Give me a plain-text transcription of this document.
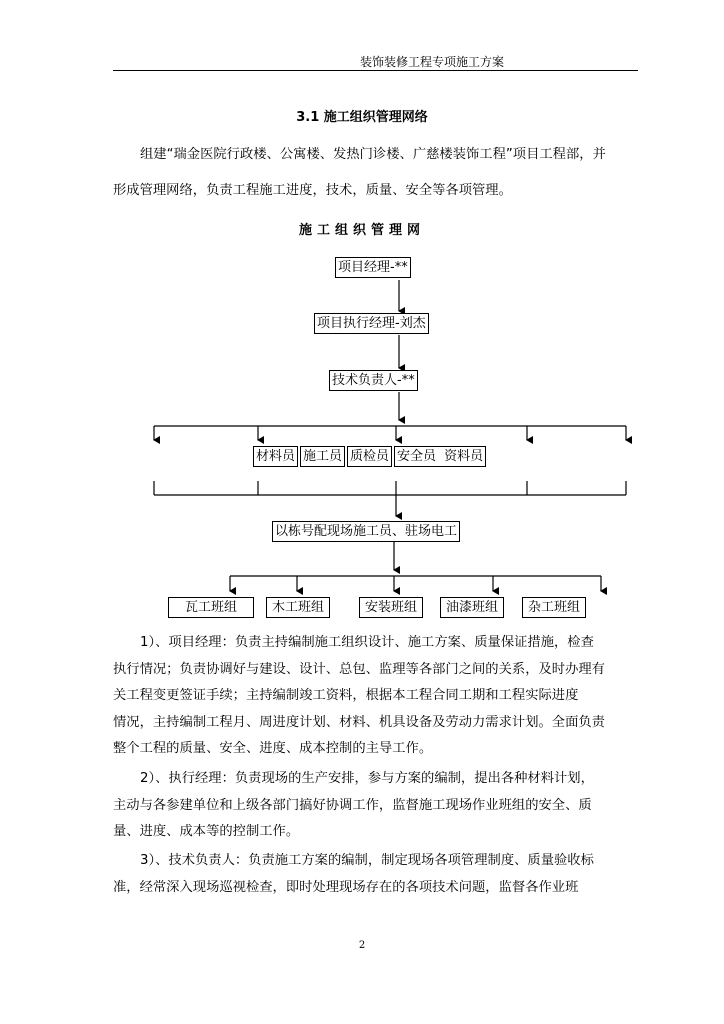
装饰装修工程专项施工方案
3.1 施工组织管理网络
组建“瑞金医院行政楼、公寓楼、发热门诊楼、广慈楼装饰工程”项目工程部，并
形成管理网络，负责工程施工进度，技术，质量、安全等各项管理。
施工组织管理网
项目经理-**
项目执行经理-刘杰
技术负责人-**
材料员 施工员 质检员 安全员 资料员
以栋号配现场施工员、驻场电工
瓦工班组	木工班组	安装班组	油漆班组	杂工班组
1）、项目经理：负责主持编制施工组织设计、施工方案、质量保证措施，检查
执行情况；负责协调好与建设、设计、总包、监理等各部门之间的关系，及时办理有
关工程变更签证手续；主持编制竣工资料，根据本工程合同工期和工程实际进度
情况，主持编制工程月、周进度计划、材料、机具设备及劳动力需求计划。全面负责
整个工程的质量、安全、进度、成本控制的主导工作。
2）、执行经理：负责现场的生产安排，参与方案的编制，提出各种材料计划，
主动与各参建单位和上级各部门搞好协调工作，监督施工现场作业班组的安全、质
量、进度、成本等的控制工作。
3）、技术负责人：负责施工方案的编制，制定现场各项管理制度、质量验收标
准，经常深入现场巡视检查，即时处理现场存在的各项技术问题，监督各作业班
2
